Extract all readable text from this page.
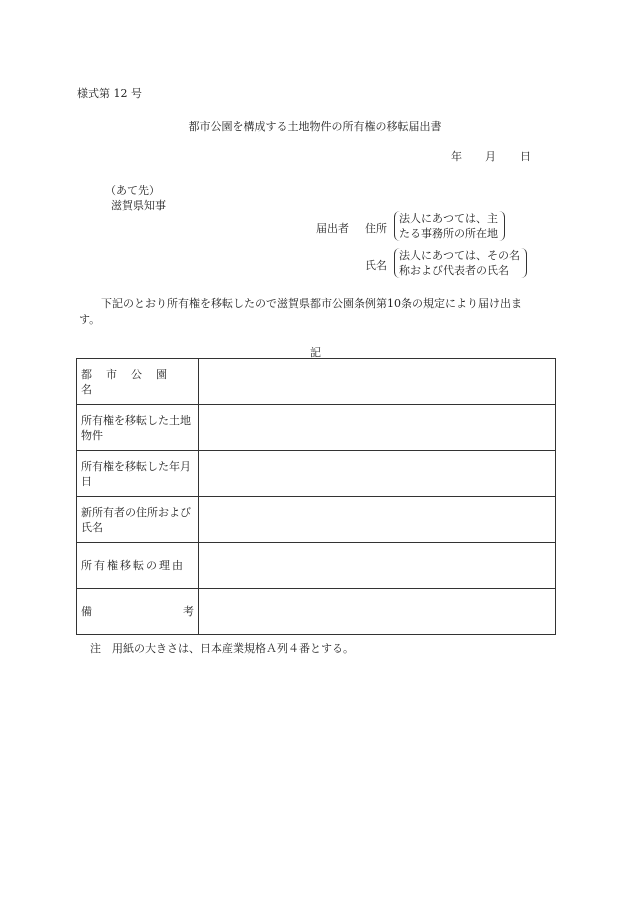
様式第 12 号
都市公園を構成する土地物件の所有権の移転届出書
年 月 日
（あて先）
滋賀県知事
届出者 住所
法人にあつては、主
たる事務所の所在地
氏名
法人にあつては、その名
称および代表者の氏名
下記のとおり所有権を移転したので滋賀県都市公園条例第10条の規定により届け出ま
す。
記
都市公園名	
所有権を移転した土地物件	
所有権を移転した年月日	
新所有者の住所および氏名	
所有権移転の理由	

備 考	

注　用紙の大きさは、日本産業規格Ａ列４番とする。
